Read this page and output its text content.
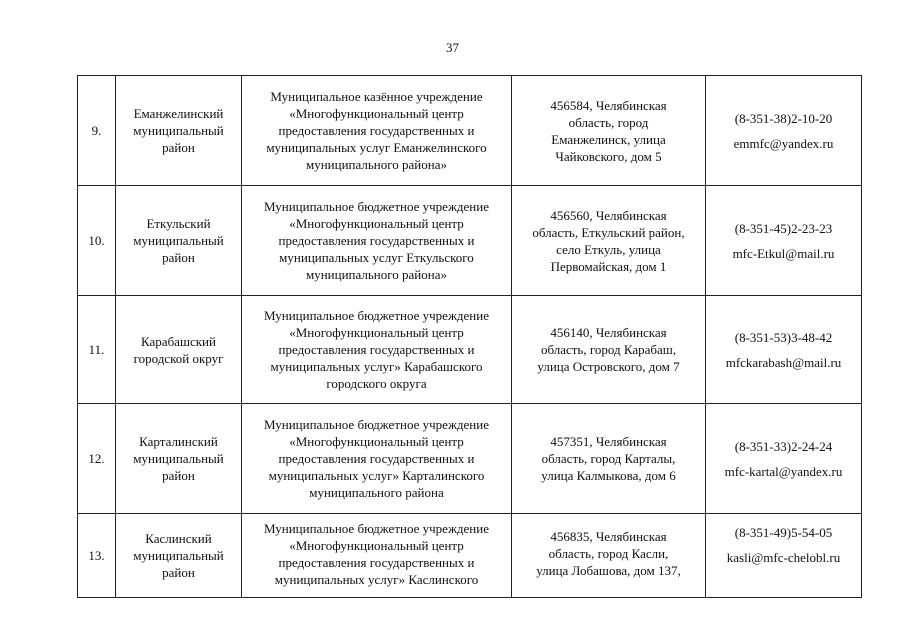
37
9.	Еманжелинский
муниципальный
район	Муниципальное казённое учреждение
«Многофункциональный центр
предоставления государственных и
муниципальных услуг Еманжелинского
муниципального района»	456584, Челябинская
область, город
Еманжелинск, улица
Чайковского, дом 5	(8-351-38)2-10-20
emmfc@yandex.ru

10.	Еткульский
муниципальный
район	Муниципальное бюджетное учреждение
«Многофункциональный центр
предоставления государственных и
муниципальных услуг Еткульского
муниципального района»	456560, Челябинская
область, Еткульский район,
село Еткуль, улица
Первомайская, дом 1	(8-351-45)2-23-23
mfc-Etkul@mail.ru

11.	Карабашский
городской округ	Муниципальное бюджетное учреждение
«Многофункциональный центр
предоставления государственных и
муниципальных услуг» Карабашского
городского округа	456140, Челябинская
область, город Карабаш,
улица Островского, дом 7	(8-351-53)3-48-42
mfckarabash@mail.ru

12.	Карталинский
муниципальный
район	Муниципальное бюджетное учреждение
«Многофункциональный центр
предоставления государственных и
муниципальных услуг» Карталинского
муниципального района	457351, Челябинская
область, город Карталы,
улица Калмыкова, дом 6	(8-351-33)2-24-24
mfc-kartal@yandex.ru

13.	Каслинский
муниципальный
район	Муниципальное бюджетное учреждение
«Многофункциональный центр
предоставления государственных и
муниципальных услуг» Каслинского	456835, Челябинская
область, город Касли,
улица Лобашова, дом 137,	(8-351-49)5-54-05
kasli@mfc-chelobl.ru
